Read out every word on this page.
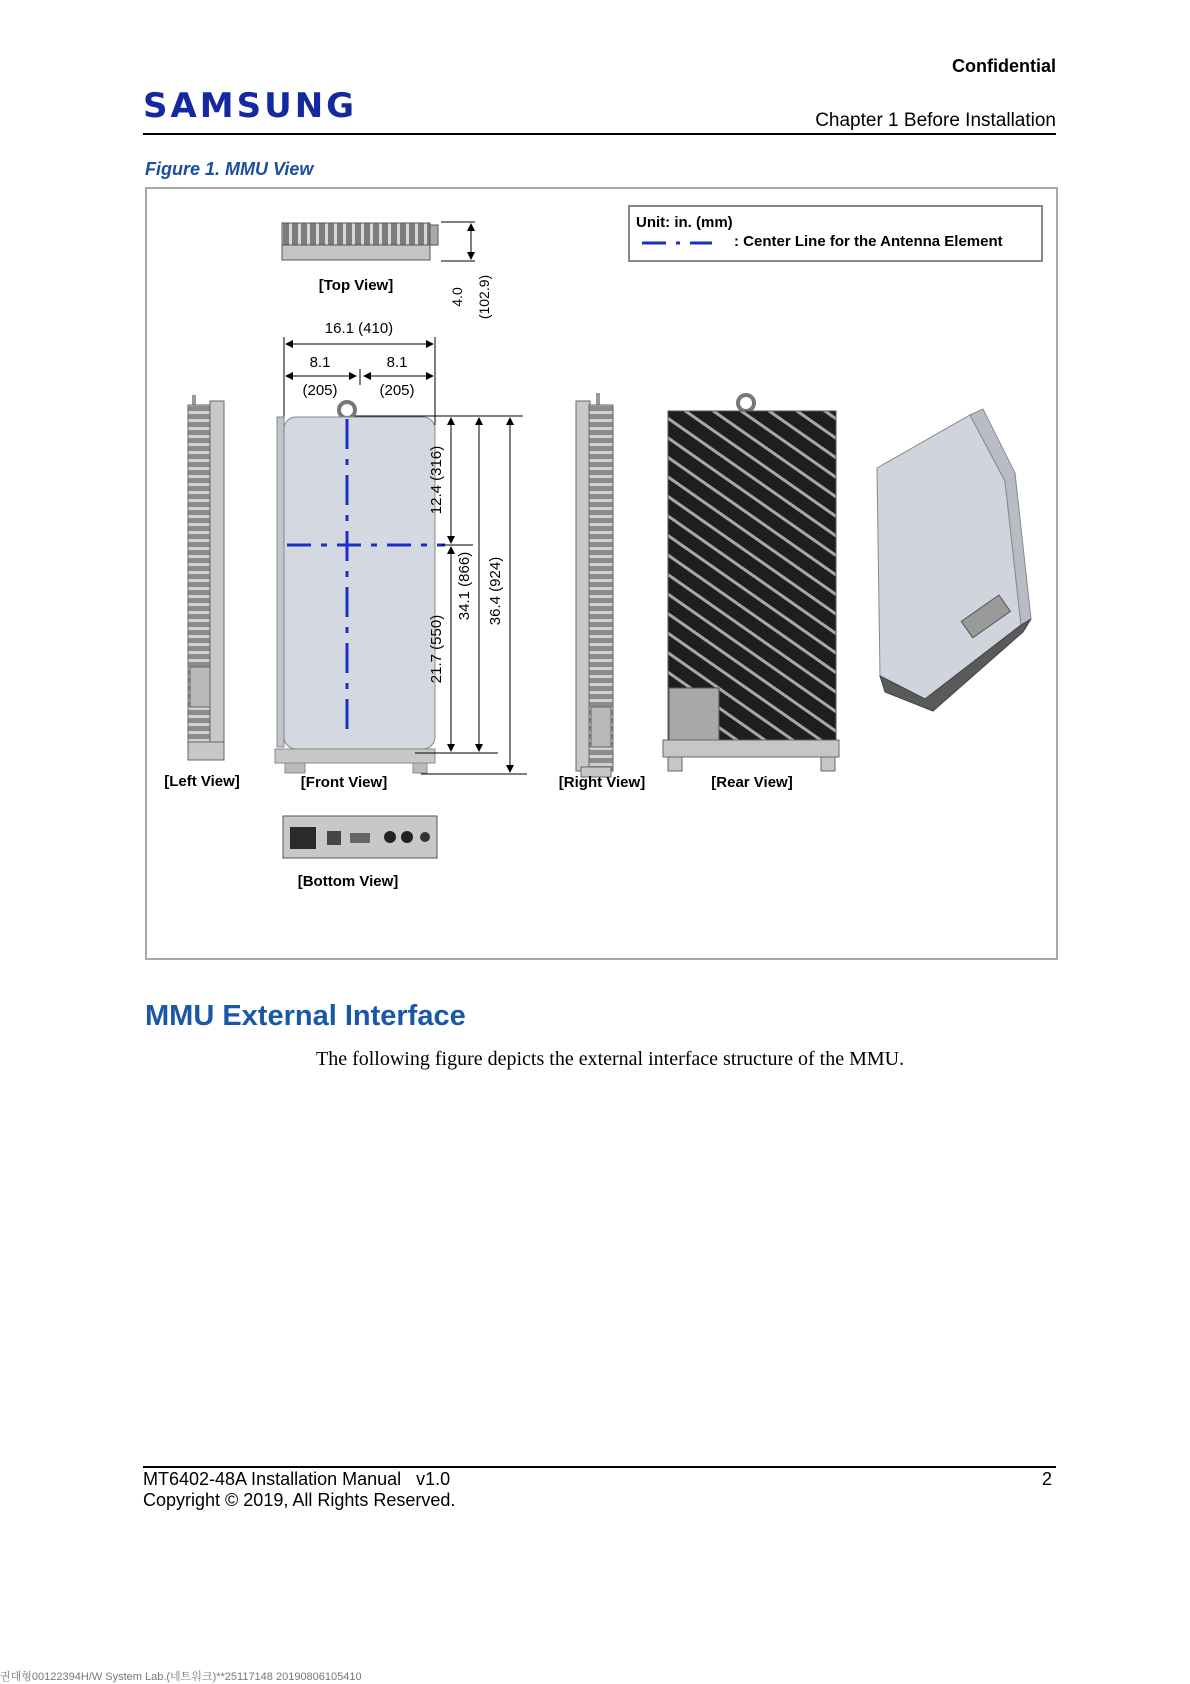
Confidential
SAMSUNG	Chapter 1 Before Installation
Figure 1. MMU View
Unit: in. (mm)
: Center Line for the Antenna Element
[Top View]
4.0 (102.9)
16.1 (410)
8.1
(205)
8.1
(205)
[Left View]	[Front View]
12.4 (316)
21.7 (550)
34.1 (866) 36.4 (924)
[Right View]	[Rear View]
[Bottom View]
MMU External Interface
The following figure depicts the external interface structure of the MMU.
MT6402-48A Installation Manual   v1.0
Copyright © 2019, All Rights Reserved.
2
권대형00122394H/W System Lab.(네트워크)**25117148 20190806105410
